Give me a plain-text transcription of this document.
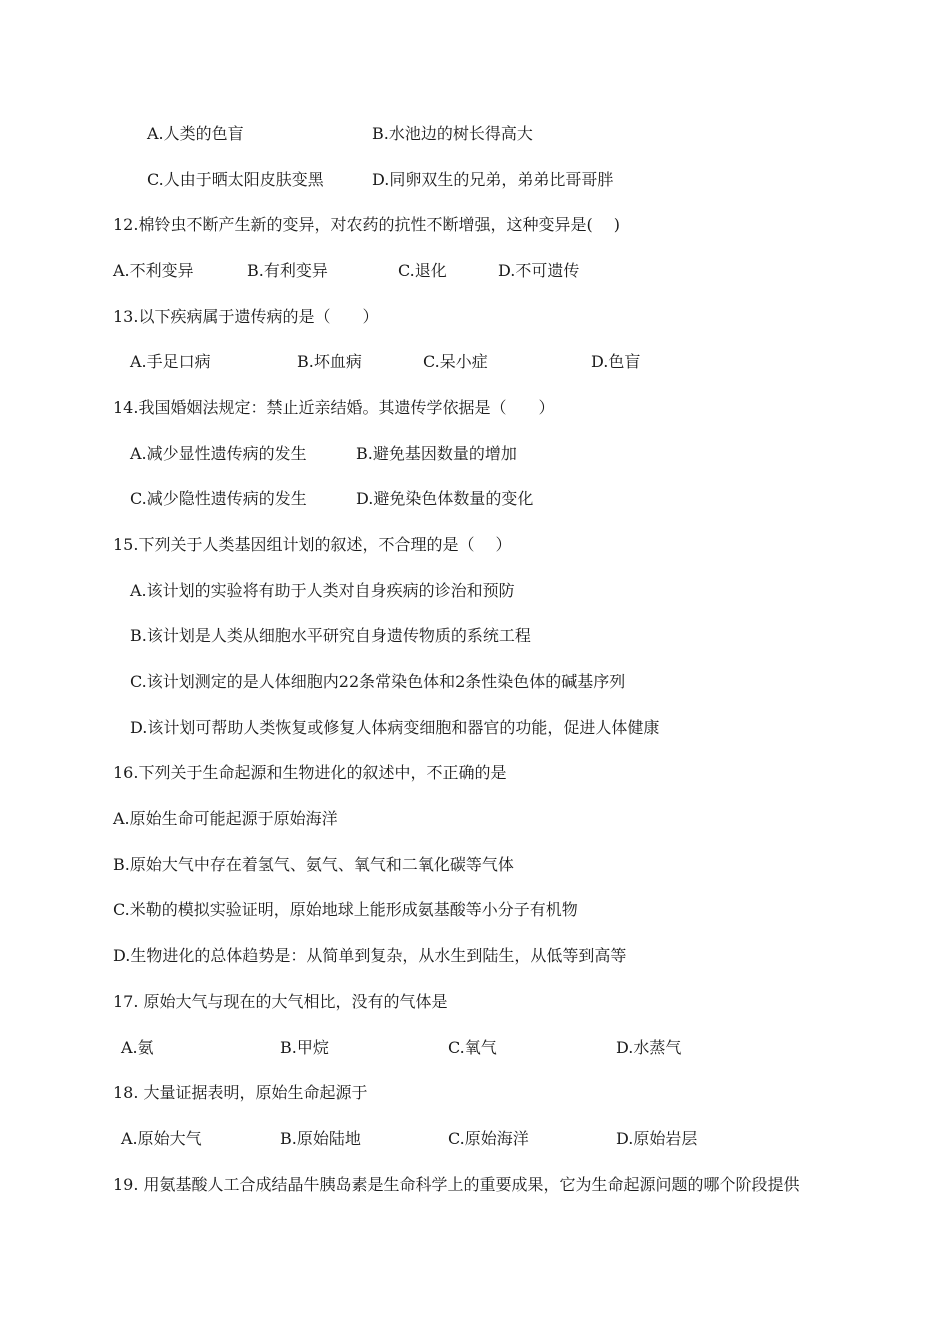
A.人类的色盲	B.水池边的树长得高大
C.人由于晒太阳皮肤变黑	D.同卵双生的兄弟，弟弟比哥哥胖
12.棉铃虫不断产生新的变异，对农药的抗性不断增强，这种变异是(　 )
A.不利变异	B.有利变异	C.退化	D.不可遗传
13.以下疾病属于遗传病的是（　　）
A.手足口病	B.坏血病	C.呆小症	D.色盲
14.我国婚姻法规定：禁止近亲结婚。其遗传学依据是（　　）
A.减少显性遗传病的发生	B.避免基因数量的增加
C.减少隐性遗传病的发生	D.避免染色体数量的变化
15.下列关于人类基因组计划的叙述，不合理的是（　 ）
A.该计划的实验将有助于人类对自身疾病的诊治和预防
B.该计划是人类从细胞水平研究自身遗传物质的系统工程
C.该计划测定的是人体细胞内22条常染色体和2条性染色体的碱基序列
D.该计划可帮助人类恢复或修复人体病变细胞和器官的功能，促进人体健康
16.下列关于生命起源和生物进化的叙述中，不正确的是
A.原始生命可能起源于原始海洋
B.原始大气中存在着氢气、氨气、氧气和二氧化碳等气体
C.米勒的模拟实验证明，原始地球上能形成氨基酸等小分子有机物
D.生物进化的总体趋势是：从简单到复杂，从水生到陆生，从低等到高等
17. 原始大气与现在的大气相比，没有的气体是
A.氨	B.甲烷	C.氧气	D.水蒸气
18. 大量证据表明，原始生命起源于
A.原始大气	B.原始陆地	C.原始海洋	D.原始岩层
19. 用氨基酸人工合成结晶牛胰岛素是生命科学上的重要成果，它为生命起源问题的哪个阶段提供
